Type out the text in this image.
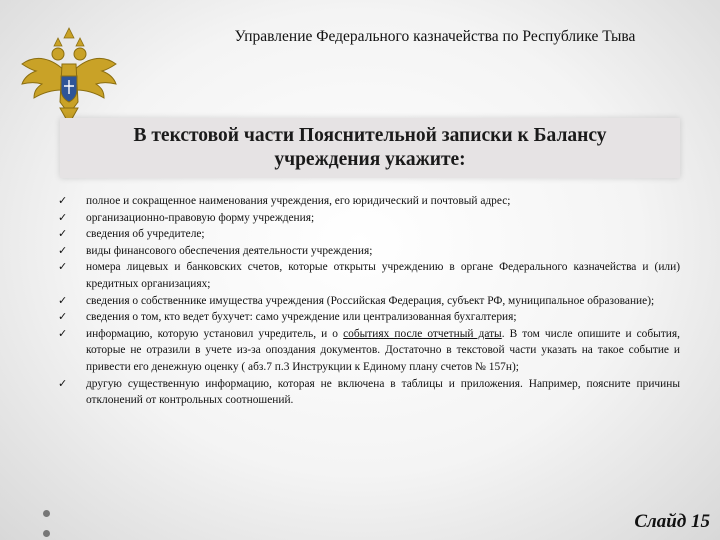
Управление Федерального казначейства по Республике Тыва
В текстовой части Пояснительной записки к Балансу
учреждения укажите:
✓ полное и сокращенное наименования учреждения, его юридический и почтовый адрес;
✓ организационно-правовую форму учреждения;
✓ сведения об учредителе;
✓ виды финансового обеспечения деятельности учреждения;
✓ номера лицевых и банковских счетов, которые открыты учреждению в органе Федерального казначейства и (или) кредитных организациях;
✓ сведения о собственнике имущества учреждения (Российская Федерация, субъект РФ, муниципальное образование);
✓ сведения о том, кто ведет бухучет: само учреждение или централизованная бухгалтерия;
✓ информацию, которую установил учредитель, и о событиях после отчетный даты. В том числе опишите и события, которые не отразили в учете из-за опоздания документов. Достаточно в текстовой части указать на такое событие и привести его денежную оценку ( абз.7 п.3 Инструкции к Единому плану счетов № 157н);
✓ другую существенную информацию, которая не включена в таблицы и приложения. Например, поясните причины отклонений от контрольных соотношений.
Слайд 15
